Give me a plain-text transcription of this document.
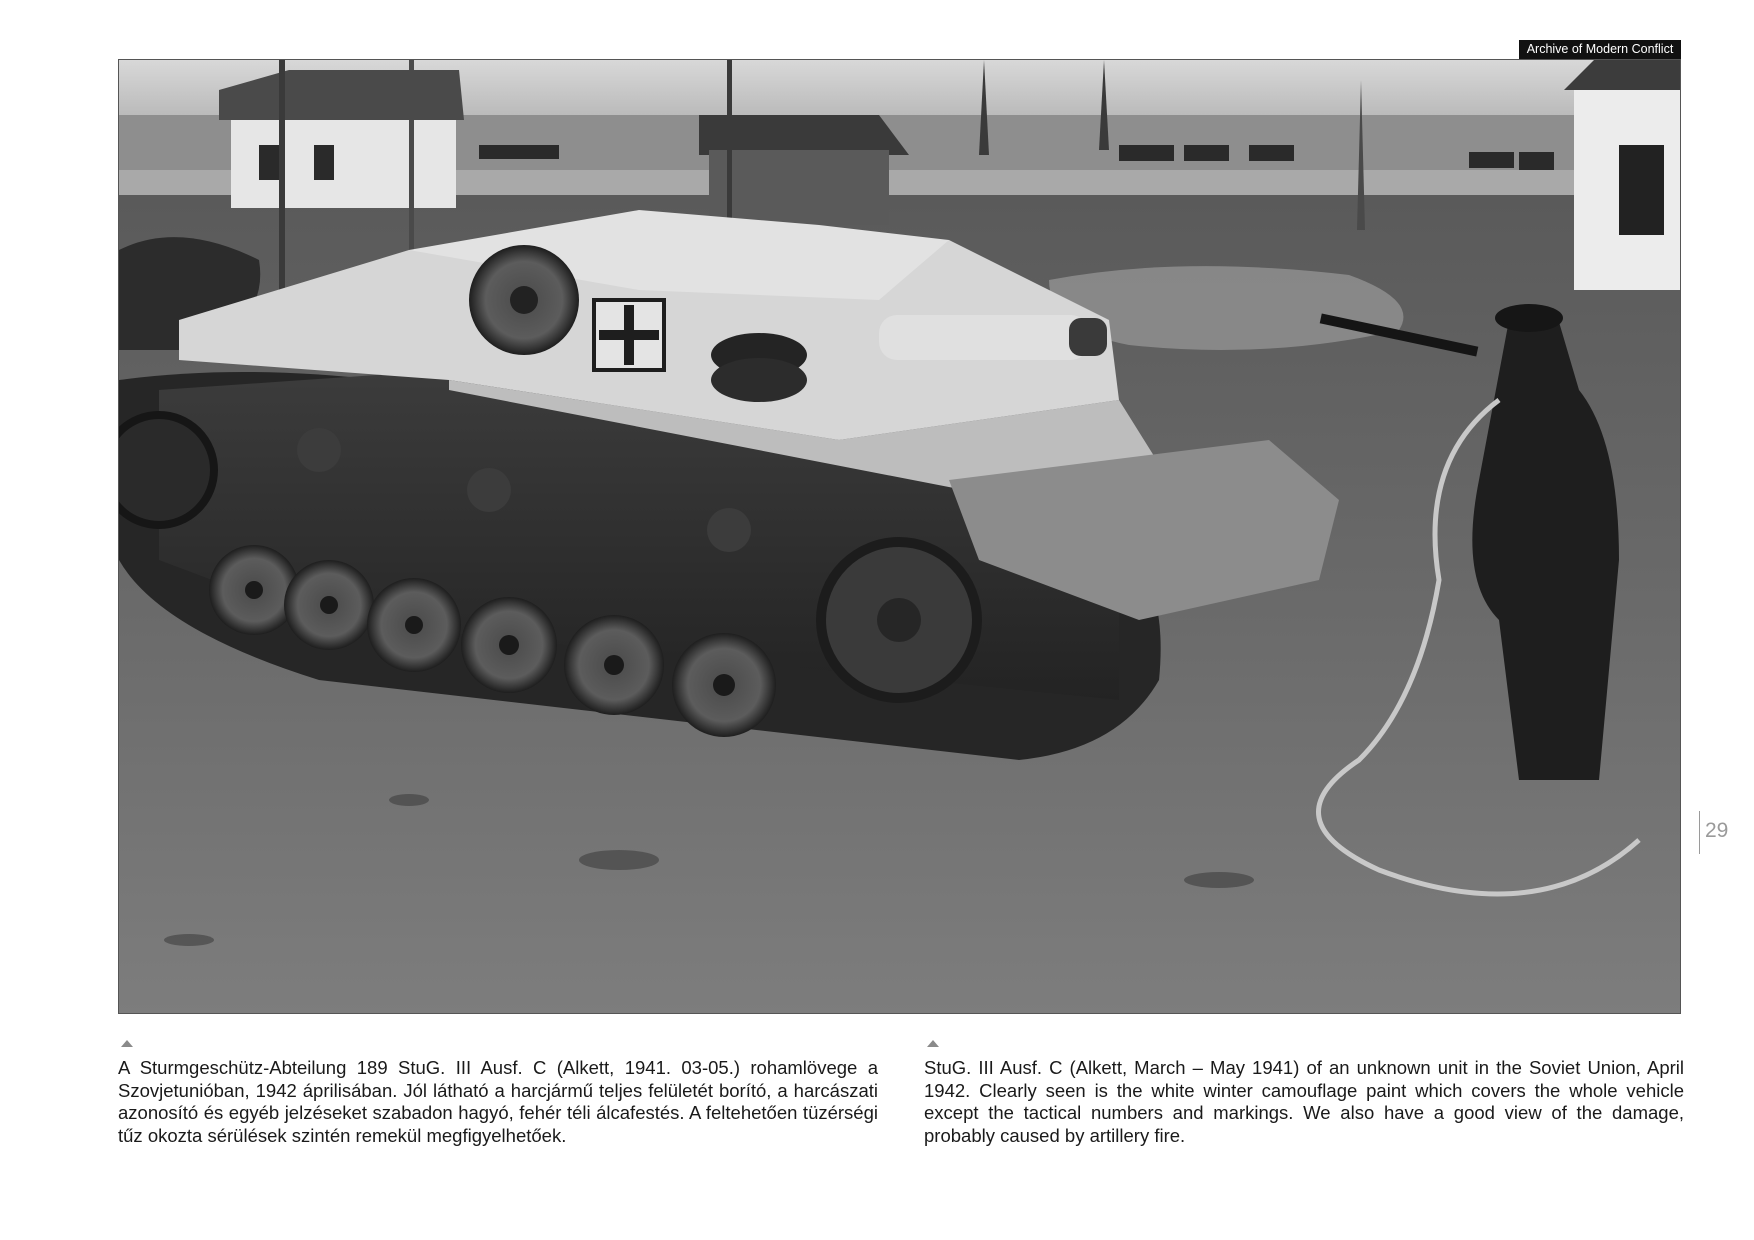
Archive of Modern Conflict
29
A Sturmgeschütz-Abteilung 189 StuG. III Ausf. C (Alkett, 1941. 03-05.) rohamlövege a Szovjetunióban, 1942 áprilisában. Jól látható a harcjármű teljes felületét borító, a harcászati azonosító és egyéb jelzéseket szabadon hagyó, fehér téli álcafestés. A feltehetően tüzérségi tűz okozta sérülések szintén remekül megfigyelhetőek.
StuG. III Ausf. C (Alkett, March – May 1941) of an unknown unit in the Soviet Union, April 1942. Clearly seen is the white winter camouflage paint which covers the whole vehicle except the tactical numbers and markings. We also have a good view of the damage, probably caused by artillery fire.
